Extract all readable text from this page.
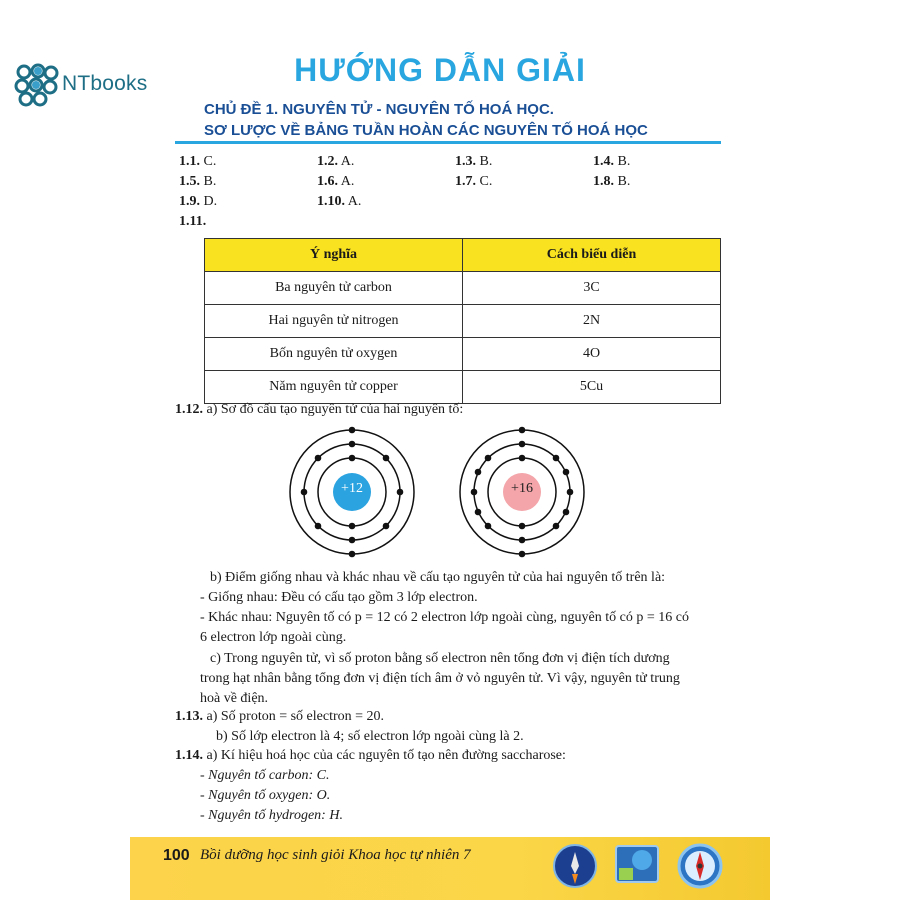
NTbooks	HƯỚNG DẪN GIẢI
CHỦ ĐỀ 1. NGUYÊN TỬ - NGUYÊN TỐ HOÁ HỌC.
SƠ LƯỢC VỀ BẢNG TUẦN HOÀN CÁC NGUYÊN TỐ HOÁ HỌC
1.1. C.	1.2. A.	1.3. B.	1.4. B.
1.5. B.	1.6. A.	1.7. C.	1.8. B.
1.9. D.	1.10. A.
1.11.
Ý nghĩa	Cách biểu diễn
Ba nguyên tử carbon	3C
Hai nguyên tử nitrogen	2N
Bốn nguyên tử oxygen	4O
Năm nguyên tử copper	5Cu
1.12. a) Sơ đồ cấu tạo nguyên tử của hai nguyên tố:
+12	+16
b) Điểm giống nhau và khác nhau về cấu tạo nguyên tử của hai nguyên tố trên là:
- Giống nhau: Đều có cấu tạo gồm 3 lớp electron.
- Khác nhau: Nguyên tố có p = 12 có 2 electron lớp ngoài cùng, nguyên tố có p = 16 có
6 electron lớp ngoài cùng.
c) Trong nguyên tử, vì số proton bằng số electron nên tổng đơn vị điện tích dương
trong hạt nhân bằng tổng đơn vị điện tích âm ở vỏ nguyên tử. Vì vậy, nguyên tử trung
hoà về điện.
1.13. a) Số proton = số electron = 20.
b) Số lớp electron là 4; số electron lớp ngoài cùng là 2.
1.14. a) Kí hiệu hoá học của các nguyên tố tạo nên đường saccharose:
- Nguyên tố carbon: C.
- Nguyên tố oxygen: O.
- Nguyên tố hydrogen: H.
100 Bồi dưỡng học sinh giỏi Khoa học tự nhiên 7
